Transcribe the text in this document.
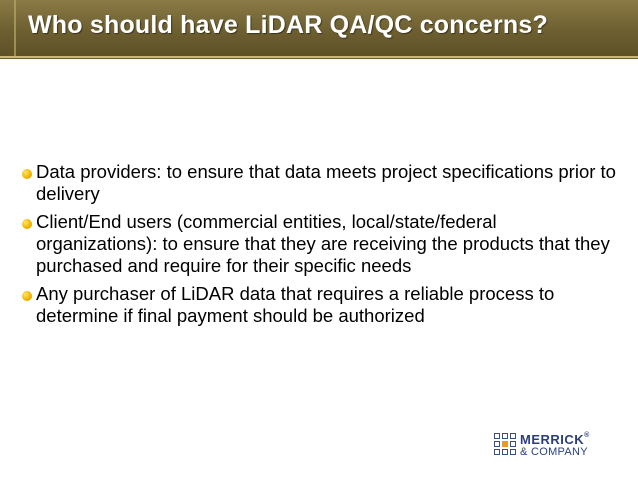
Who should have LiDAR QA/QC concerns?
Data providers: to ensure that data meets project specifications prior to delivery
Client/End users (commercial entities, local/state/federal organizations): to ensure that they are receiving the products that they purchased and require for their specific needs
Any purchaser of LiDAR data that requires a reliable process to determine if final payment should be authorized
MERRICK®
& COMPANY
